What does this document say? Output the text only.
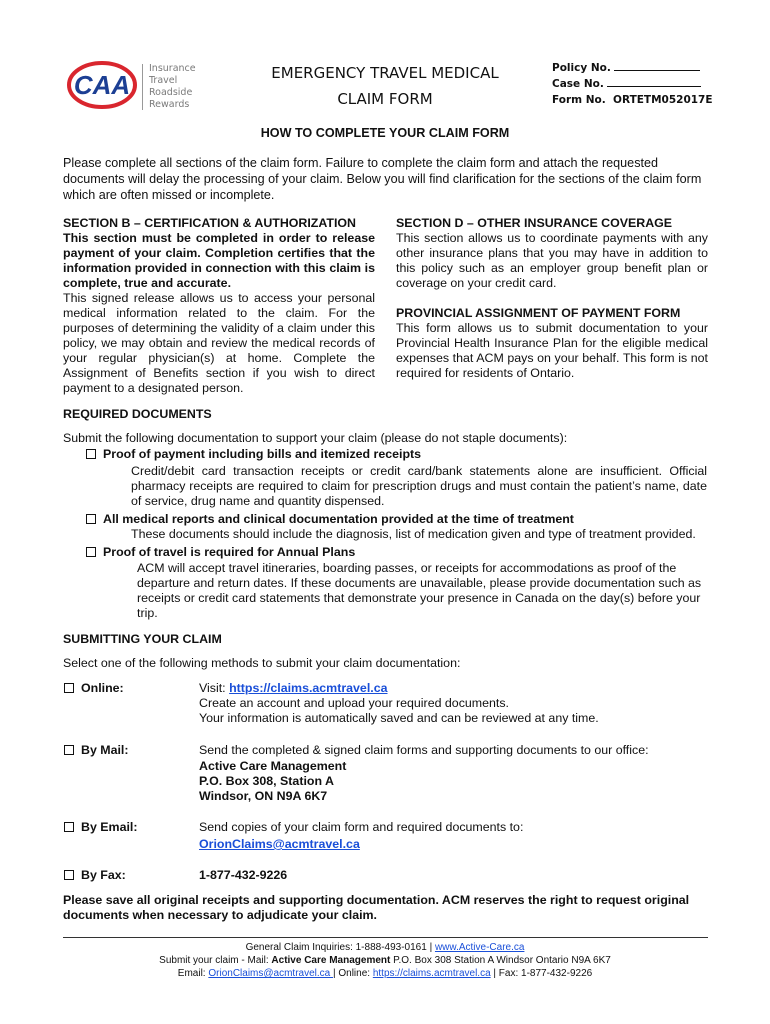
CAA
Insurance
Travel
Roadside
Rewards
EMERGENCY TRAVEL MEDICAL
CLAIM FORM
Policy No.
Case No.
Form No. ORTETM052017E
HOW TO COMPLETE YOUR CLAIM FORM
Please complete all sections of the claim form. Failure to complete the claim form and attach the requested documents will delay the processing of your claim. Below you will find clarification for the sections of the claim form which are often missed or incomplete.
SECTION B – CERTIFICATION & AUTHORIZATION
This section must be completed in order to release payment of your claim. Completion certifies that the information provided in connection with this claim is complete, true and accurate.
This signed release allows us to access your personal medical information related to the claim. For the purposes of determining the validity of a claim under this policy, we may obtain and review the medical records of your regular physician(s) at home. Complete the Assignment of Benefits section if you wish to direct payment to a designated person.
SECTION D – OTHER INSURANCE COVERAGE
This section allows us to coordinate payments with any other insurance plans that you may have in addition to this policy such as an employer group benefit plan or coverage on your credit card.
PROVINCIAL ASSIGNMENT OF PAYMENT FORM
This form allows us to submit documentation to your Provincial Health Insurance Plan for the eligible medical expenses that ACM pays on your behalf. This form is not required for residents of Ontario.
REQUIRED DOCUMENTS
Submit the following documentation to support your claim (please do not staple documents):
Proof of payment including bills and itemized receipts
Credit/debit card transaction receipts or credit card/bank statements alone are insufficient. Official pharmacy receipts are required to claim for prescription drugs and must contain the patient’s name, date of service, drug name and quantity dispensed.
All medical reports and clinical documentation provided at the time of treatment
These documents should include the diagnosis, list of medication given and type of treatment provided.
Proof of travel is required for Annual Plans
ACM will accept travel itineraries, boarding passes, or receipts for accommodations as proof of the departure and return dates. If these documents are unavailable, please provide documentation such as receipts or credit card statements that demonstrate your presence in Canada on the day(s) before your trip.
SUBMITTING YOUR CLAIM
Select one of the following methods to submit your claim documentation:
Online:	Visit: https://claims.acmtravel.ca
Create an account and upload your required documents.
Your information is automatically saved and can be reviewed at any time.
By Mail:	Send the completed & signed claim forms and supporting documents to our office:
Active Care Management
P.O. Box 308, Station A
Windsor, ON N9A 6K7
By Email:	Send copies of your claim form and required documents to:
OrionClaims@acmtravel.ca
By Fax:	1-877-432-9226
Please save all original receipts and supporting documentation. ACM reserves the right to request original documents when necessary to adjudicate your claim.
General Claim Inquiries: 1-888-493-0161 | www.Active-Care.ca
Submit your claim - Mail: Active Care Management P.O. Box 308 Station A Windsor Ontario N9A 6K7
Email: OrionClaims@acmtravel.ca | Online: https://claims.acmtravel.ca | Fax: 1-877-432-9226
